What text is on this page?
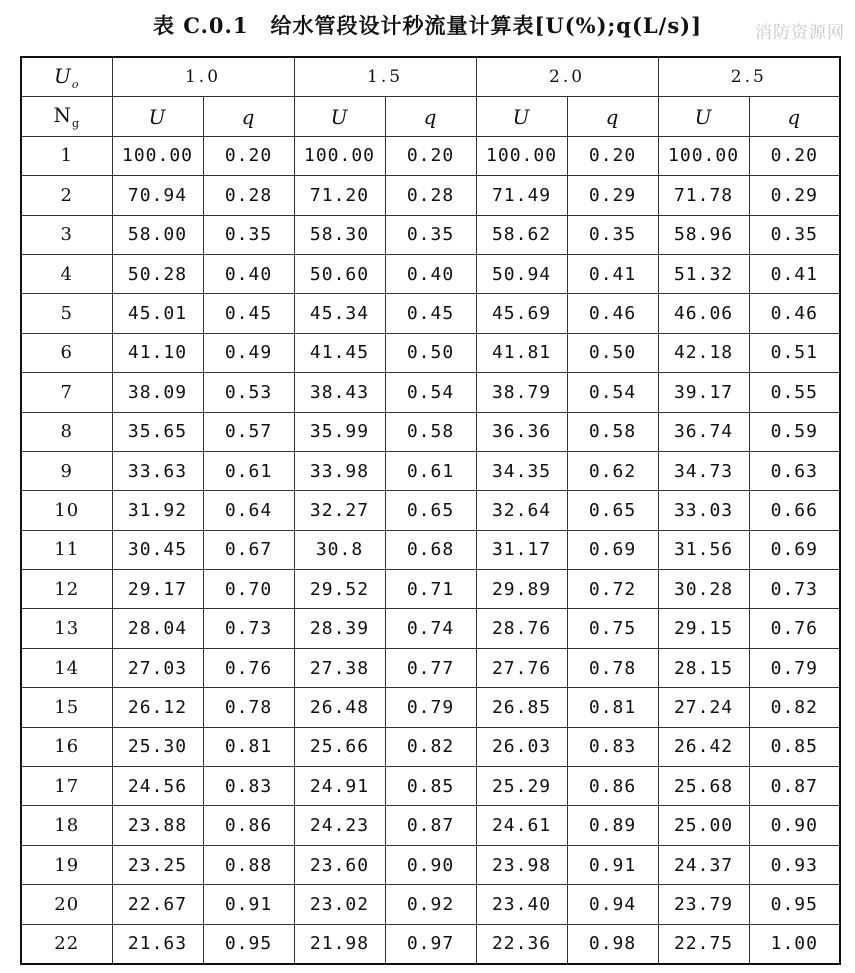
表 C.0.1 给水管段设计秒流量计算表[U(%);q(L/s)]	消防资源网
$U_o$	1.0		1.5		2.0		2.5	
$N_g$	U	q	U	q	U	q	U	q
1	100.00	0.20	100.00	0.20	100.00	0.20	100.00	0.20
2	70.94	0.28	71.20	0.28	71.49	0.29	71.78	0.29
3	58.00	0.35	58.30	0.35	58.62	0.35	58.96	0.35
4	50.28	0.40	50.60	0.40	50.94	0.41	51.32	0.41
5	45.01	0.45	45.34	0.45	45.69	0.46	46.06	0.46
6	41.10	0.49	41.45	0.50	41.81	0.50	42.18	0.51
7	38.09	0.53	38.43	0.54	38.79	0.54	39.17	0.55
8	35.65	0.57	35.99	0.58	36.36	0.58	36.74	0.59
9	33.63	0.61	33.98	0.61	34.35	0.62	34.73	0.63
10	31.92	0.64	32.27	0.65	32.64	0.65	33.03	0.66
11	30.45	0.67	30.8	0.68	31.17	0.69	31.56	0.69
12	29.17	0.70	29.52	0.71	29.89	0.72	30.28	0.73
13	28.04	0.73	28.39	0.74	28.76	0.75	29.15	0.76
14	27.03	0.76	27.38	0.77	27.76	0.78	28.15	0.79
15	26.12	0.78	26.48	0.79	26.85	0.81	27.24	0.82
16	25.30	0.81	25.66	0.82	26.03	0.83	26.42	0.85
17	24.56	0.83	24.91	0.85	25.29	0.86	25.68	0.87
18	23.88	0.86	24.23	0.87	24.61	0.89	25.00	0.90
19	23.25	0.88	23.60	0.90	23.98	0.91	24.37	0.93
20	22.67	0.91	23.02	0.92	23.40	0.94	23.79	0.95
22	21.63	0.95	21.98	0.97	22.36	0.98	22.75	1.00
